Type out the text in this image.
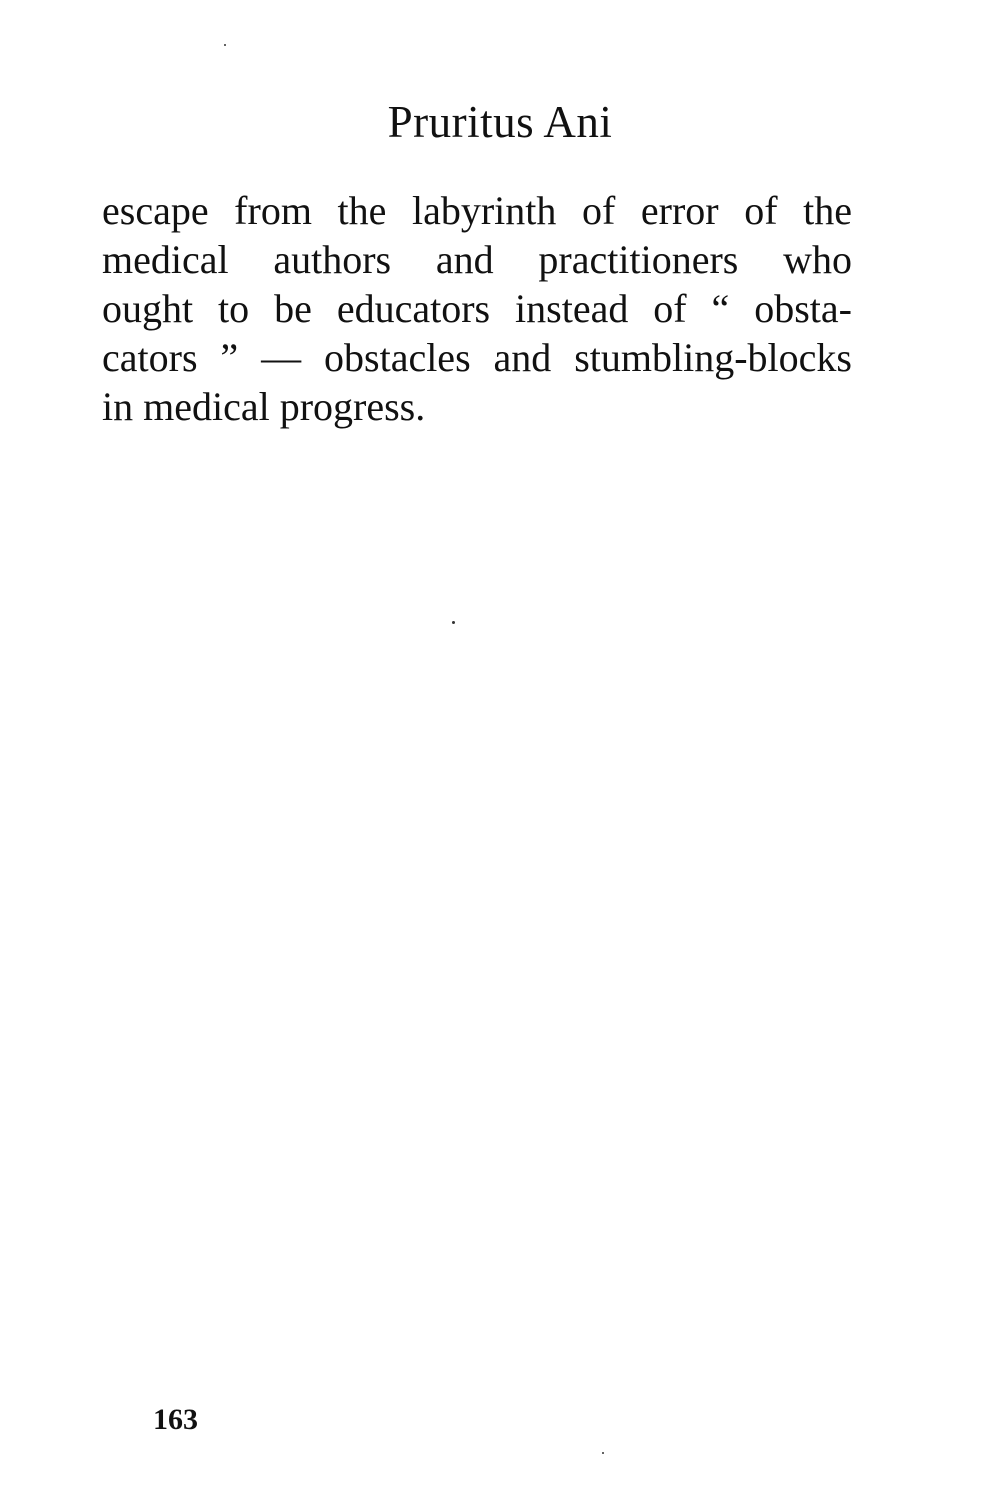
Pruritus Ani
escape from the labyrinth of error of the
medical authors and practitioners who
ought to be educators instead of “ obsta-
cators ” — obstacles and stumbling-blocks
in medical progress.
163
